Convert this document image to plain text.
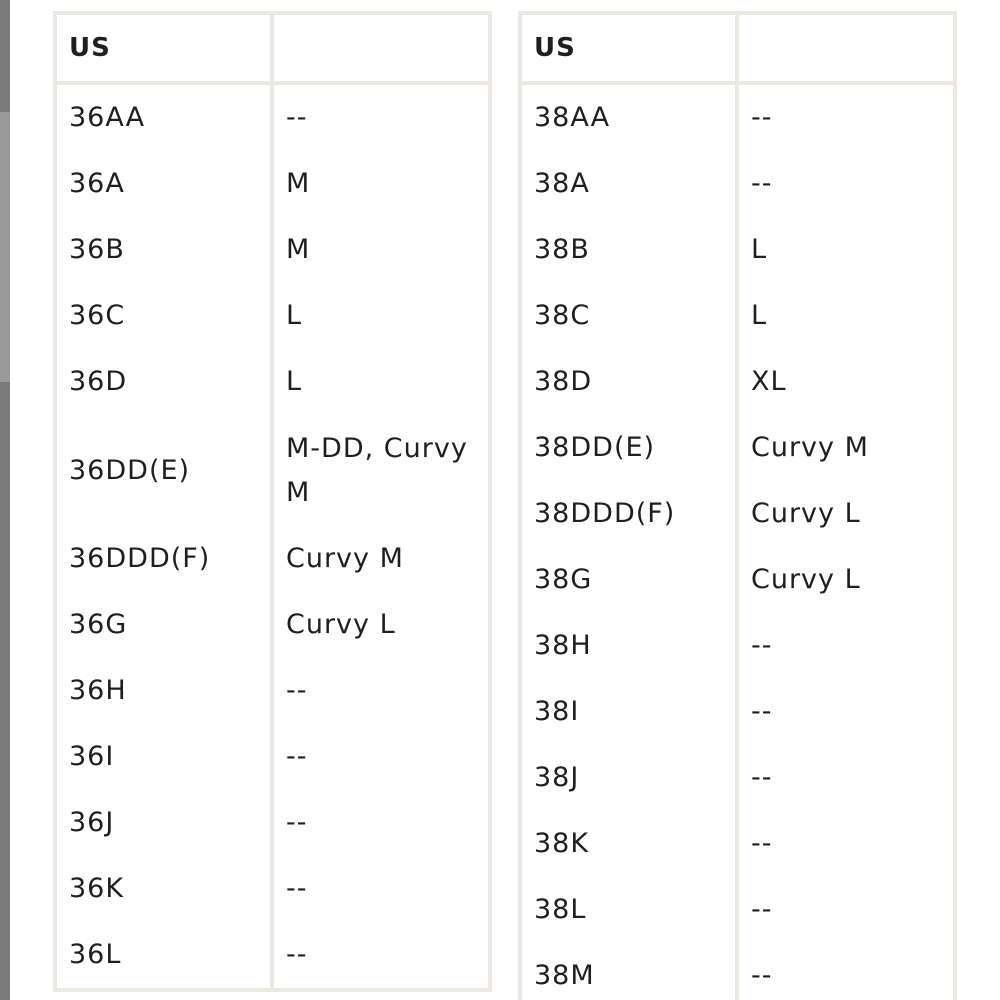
US	
36AA	--
36A	M
36B	M
36C	L
36D	L
36DD(E)	M-DD, Curvy M
36DDD(F)	Curvy M
36G	Curvy L
36H	--
36I	--
36J	--
36K	--
36L	--
US	
38AA	--
38A	--
38B	L
38C	L
38D	XL
38DD(E)	Curvy M
38DDD(F)	Curvy L
38G	Curvy L
38H	--
38I	--
38J	--
38K	--
38L	--
38M	--
